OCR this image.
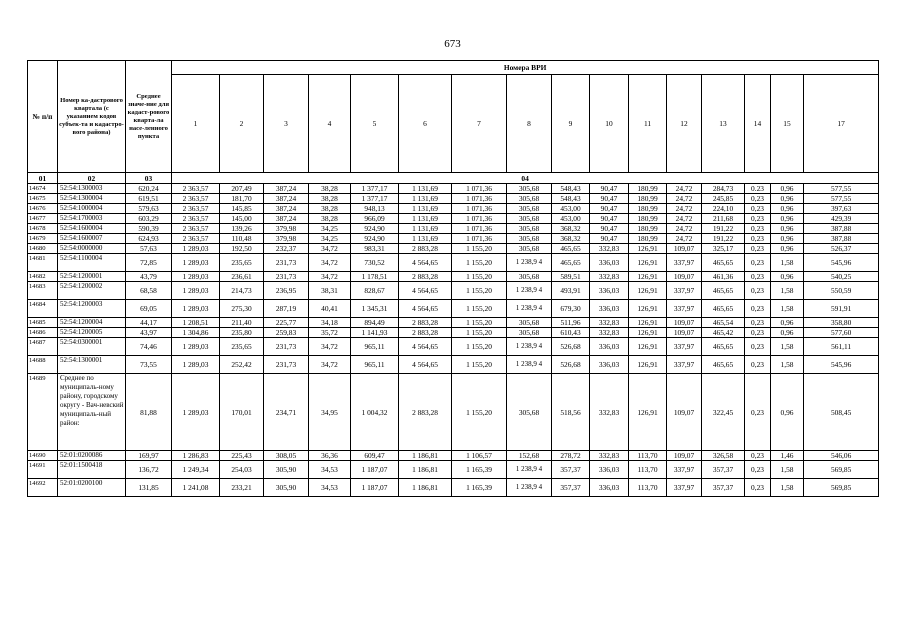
673
№ п/п	Номер ка-дастрового квартала (с указанием кодов субъек-та и кадастро-вого района)	Среднее значе-ние для кадаст-рового кварта-ла насе-ленного пункта	Номера ВРИ															
			1	2	3	4	5	6	7	8	9	10	11	12	13	14	15	17
01	02	03	04															
14674	52:54:1300003	620,24	2 363,57	207,49	387,24	38,28	1 377,17	1 131,69	1 071,36	305,68	548,43	90,47	180,99	24,72	284,73	0.23	0,96	577,55
14675	52:54:1300004	619,51	2 363,57	181,70	387,24	38,28	1 377,17	1 131,69	1 071,36	305,68	548,43	90,47	180,99	24,72	245,85	0,23	0,96	577,55
14676	52:54:1000004	579,63	2 363,57	145,85	387,24	38,28	948,13	1 131,69	1 071,36	305,68	453,00	90,47	180,99	24,72	224,10	0,23	0,96	397,63
14677	52:54:1700003	603,29	2 363,57	145,00	387,24	38,28	966,09	1 131,69	1 071,36	305,68	453,00	90,47	180,99	24,72	211,68	0,23	0,96	429,39
14678	52:54:1600004	590,39	2 363,57	139,26	379,98	34,25	924,90	1 131,69	1 071,36	305,68	368,32	90,47	180,99	24,72	191,22	0,23	0,96	387,88
14679	52:54:1600007	624,93	2 363,57	110,48	379,98	34,25	924,90	1 131,69	1 071,36	305,68	368,32	90,47	180,99	24,72	191,22	0,23	0,96	387,88
14680	52:54:0000000	57,63	1 289,03	192,50	232,37	34,72	983,31	2 883,28	1 155,20	305,68	465,65	332,83	126,91	109,07	325,17	0,23	0,96	526,37
14681	52:54:1100004	72,85	1 289,03	235,65	231,73	34,72	730,52	4 564,65	1 155,20	1 238,9 4	465,65	336,03	126,91	337,97	465,65	0,23	1,58	545,96
14682	52:54:1200001	43,79	1 289,03	236,61	231,73	34,72	1 178,51	2 883,28	1 155,20	305,68	589,51	332,83	126,91	109,07	461,36	0,23	0,96	540,25
14683	52:54:1200002	68,58	1 289,03	214,73	236,95	38,31	828,67	4 564,65	1 155,20	1 238,9 4	493,91	336,03	126,91	337,97	465,65	0,23	1,58	550,59
14684	52:54:1200003	69,05	1 289,03	275,30	287,19	40,41	1 345,31	4 564,65	1 155,20	1 238,9 4	679,30	336,03	126,91	337,97	465,65	0,23	1,58	591,91
14685	52:54:1200004	44,17	1 208,51	211,40	225,77	34,18	894,49	2 883,28	1 155,20	305,68	511,96	332,83	126,91	109,07	465,54	0,23	0,96	358,80
14686	52:54:1200005	43,97	1 304,86	235,80	259,83	35,72	1 141,93	2 883,28	1 155,20	305,68	610,43	332,83	126,91	109,07	465,42	0,23	0,96	577,60
14687	52:54:0300001	74,46	1 289,03	235,65	231,73	34,72	965,11	4 564,65	1 155,20	1 238,9 4	526,68	336,03	126,91	337,97	465,65	0,23	1,58	561,11
14688	52:54:1300001	73,55	1 289,03	252,42	231,73	34,72	965,11	4 564,65	1 155,20	1 238,9 4	526,68	336,03	126,91	337,97	465,65	0,23	1,58	545,96
14689	Среднее по муниципаль-ному району, городскому округу - Вач-невский муниципаль-ный район:	81,88	1 289,03	170,01	234,71	34,95	1 004,32	2 883,28	1 155,20	305,68	518,56	332,83	126,91	109,07	322,45	0,23	0,96	508,45
14690	52:01:0200086	169,97	1 286,83	225,43	308,05	36,36	609,47	1 186,81	1 106,57	152,68	278,72	332,83	113,70	109,07	326,58	0,23	1,46	546,06
14691	52:01:1500418	136,72	1 249,34	254,03	305,90	34,53	1 187,07	1 186,81	1 165,39	1 238,9 4	357,37	336,03	113,70	337,97	357,37	0,23	1,58	569,85
14692	52:01:0200100	131,85	1 241,08	233,21	305,90	34,53	1 187,07	1 186,81	1 165,39	1 238,9 4	357,37	336,03	113,70	337,97	357,37	0,23	1,58	569,85
